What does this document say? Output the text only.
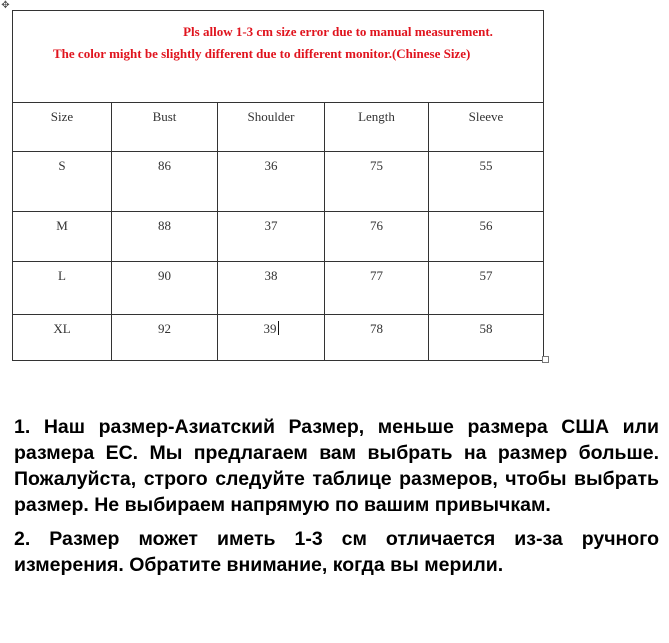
✥
Pls allow 1-3 cm size error due to manual measurement.
The color might be slightly different due to different monitor.(Chinese Size)				

Size	Bust	Shoulder	Length	Sleeve
S	86	36	75	55
M	88	37	76	56
L	90	38	77	57
XL	92	39	78	58

1. Наш размер-Азиатский Размер, меньше размера США или размера ЕС. Мы предлагаем вам выбрать на размер больше. Пожалуйста, строго следуйте таблице размеров, чтобы выбрать размер. Не выбираем напрямую по вашим привычкам.

2. Размер может иметь 1-3 см отличается из-за ручного измерения. Обратите внимание, когда вы мерили.
